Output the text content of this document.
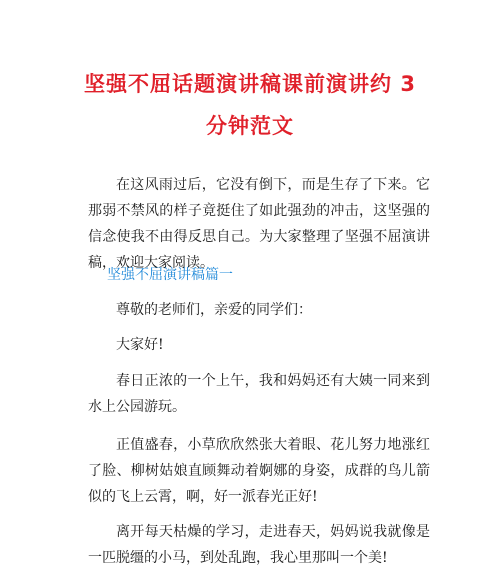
坚强不屈话题演讲稿课前演讲约 3
分钟范文

在这风雨过后，它没有倒下，而是生存了下来。它那弱不禁风的样子竟挺住了如此强劲的冲击，这坚强的信念使我不由得反思自己。为大家整理了坚强不屈演讲稿，欢迎大家阅读。

坚强不屈演讲稿篇一

尊敬的老师们，亲爱的同学们：

大家好!

春日正浓的一个上午，我和妈妈还有大姨一同来到水上公园游玩。

正值盛春，小草欣欣然张大着眼、花儿努力地涨红了脸、柳树姑娘直顾舞动着婀娜的身姿，成群的鸟儿箭似的飞上云霄，啊，好一派春光正好!

离开每天枯燥的学习，走进春天，妈妈说我就像是一匹脱缰的小马，到处乱跑，我心里那叫一个美!
